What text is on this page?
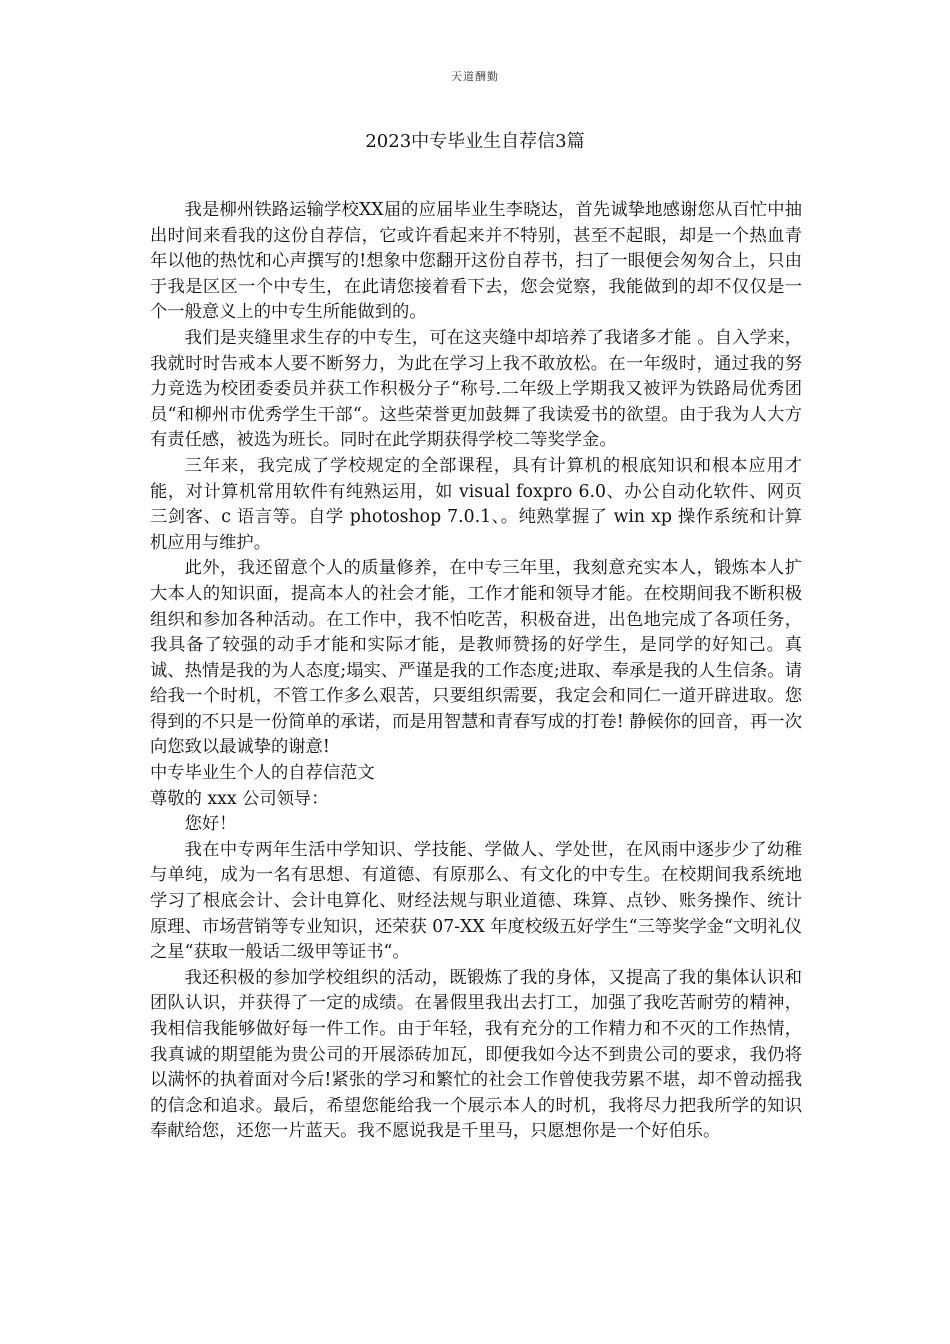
天道酬勤
2023中专毕业生自荐信3篇

我是柳州铁路运输学校XX届的应届毕业生李晓达，首先诚挚地感谢您从百忙中抽出时间来看我的这份自荐信，它或许看起来并不特别，甚至不起眼，却是一个热血青年以他的热忱和心声撰写的!想象中您翻开这份自荐书，扫了一眼便会匆匆合上，只由于我是区区一个中专生，在此请您接着看下去，您会觉察，我能做到的却不仅仅是一个一般意义上的中专生所能做到的。

我们是夹缝里求生存的中专生，可在这夹缝中却培养了我诸多才能 。自入学来，我就时时告戒本人要不断努力，为此在学习上我不敢放松。在一年级时，通过我的努力竞选为校团委委员并获工作积极分子“称号.二年级上学期我又被评为铁路局优秀团员“和柳州市优秀学生干部“。这些荣誉更加鼓舞了我读爱书的欲望。由于我为人大方有责任感，被选为班长。同时在此学期获得学校二等奖学金。

三年来，我完成了学校规定的全部课程，具有计算机的根底知识和根本应用才能，对计算机常用软件有纯熟运用，如 visual foxpro 6.0、办公自动化软件、网页三剑客、c 语言等。自学 photoshop 7.0.1、。纯熟掌握了 win xp 操作系统和计算机应用与维护。

此外，我还留意个人的质量修养，在中专三年里，我刻意充实本人，锻炼本人扩大本人的知识面，提高本人的社会才能，工作才能和领导才能。在校期间我不断积极组织和参加各种活动。在工作中，我不怕吃苦，积极奋进，出色地完成了各项任务，我具备了较强的动手才能和实际才能，是教师赞扬的好学生，是同学的好知己。真诚、热情是我的为人态度;塌实、严谨是我的工作态度;进取、奉承是我的人生信条。请给我一个时机，不管工作多么艰苦，只要组织需要，我定会和同仁一道开辟进取。您得到的不只是一份简单的承诺，而是用智慧和青春写成的打卷! 静候你的回音，再一次向您致以最诚挚的谢意!

中专毕业生个人的自荐信范文

尊敬的 xxx 公司领导：

您好！

我在中专两年生活中学知识、学技能、学做人、学处世，在风雨中逐步少了幼稚与单纯，成为一名有思想、有道德、有原那么、有文化的中专生。在校期间我系统地学习了根底会计、会计电算化、财经法规与职业道德、珠算、点钞、账务操作、统计原理、市场营销等专业知识，还荣获 07-XX 年度校级五好学生“三等奖学金“文明礼仪之星“获取一般话二级甲等证书“。

我还积极的参加学校组织的活动，既锻炼了我的身体，又提高了我的集体认识和团队认识，并获得了一定的成绩。在暑假里我出去打工，加强了我吃苦耐劳的精神，我相信我能够做好每一件工作。由于年轻，我有充分的工作精力和不灭的工作热情，我真诚的期望能为贵公司的开展添砖加瓦，即便我如今达不到贵公司的要求，我仍将以满怀的执着面对今后!紧张的学习和繁忙的社会工作曾使我劳累不堪，却不曾动摇我的信念和追求。最后，希望您能给我一个展示本人的时机，我将尽力把我所学的知识奉献给您，还您一片蓝天。我不愿说我是千里马，只愿想你是一个好伯乐。
